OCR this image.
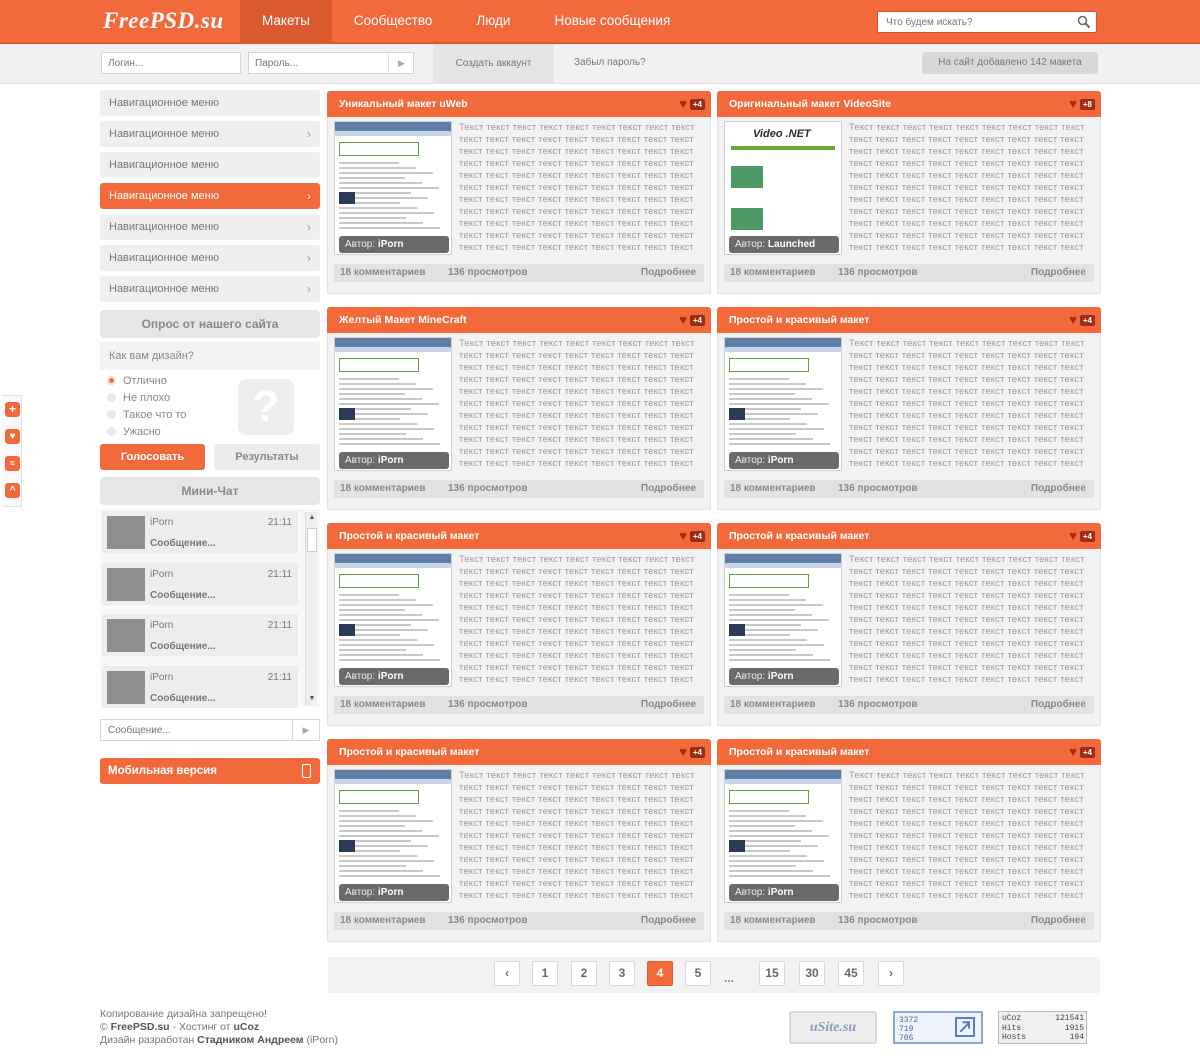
FreePSD.su	Макеты	Сообщество	Люди	Новые сообщения
Что будем искать?
Логин...
▶	Создать аккаунт	Забыл пароль?	На сайт добавлено 142 макета
+
♥
≈
^
Навигационное меню
Навигационное меню	›
Навигационное меню
Навигационное меню	›
Навигационное меню	›
Навигационное меню	›
Навигационное меню	›
Опрос от нашего сайта
Как вам дизайн?
Отлично
Не плохо
Такое что то
Ужасно
?
Голосовать	Результаты
Мини-Чат
iPorn	21:11
Сообщение...
iPorn	21:11
Сообщение...
iPorn	21:11
Сообщение...
iPorn	21:11
Сообщение...
▲
▼
Сообщение...
▶
Мобильная версия
Уникальный макет uWeb	♥ +4
Автор: iPorn
Текст текст текст текст текст текст текст текст текст текст текст текст текст текст текст текст текст текст текст текст текст текст текст текст текст текст текст текст текст текст текст текст текст текст текст текст текст текст текст текст текст текст текст текст текст текст текст текст текст текст текст текст текст текст текст текст текст текст текст текст текст текст текст текст текст текст текст текст текст текст текст текст текст текст текст текст текст текст текст текст текст текст текст текст текст текст текст текст текст текст текст текст текст текст текст текст текст текст текст
18 комментариев 136 просмотров	Подробнее
Оригинальный макет VideoSite	♥ +8
Video .NET
Автор: Launched
Текст текст текст текст текст текст текст текст текст текст текст текст текст текст текст текст текст текст текст текст текст текст текст текст текст текст текст текст текст текст текст текст текст текст текст текст текст текст текст текст текст текст текст текст текст текст текст текст текст текст текст текст текст текст текст текст текст текст текст текст текст текст текст текст текст текст текст текст текст текст текст текст текст текст текст текст текст текст текст текст текст текст текст текст текст текст текст текст текст текст текст текст текст текст текст текст текст текст текст
18 комментариев 136 просмотров	Подробнее
Желтый Макет MineCraft	♥ +4
Автор: iPorn
Текст текст текст текст текст текст текст текст текст текст текст текст текст текст текст текст текст текст текст текст текст текст текст текст текст текст текст текст текст текст текст текст текст текст текст текст текст текст текст текст текст текст текст текст текст текст текст текст текст текст текст текст текст текст текст текст текст текст текст текст текст текст текст текст текст текст текст текст текст текст текст текст текст текст текст текст текст текст текст текст текст текст текст текст текст текст текст текст текст текст текст текст текст текст текст текст текст текст текст
18 комментариев 136 просмотров	Подробнее
Простой и красивый макет	♥ +4
Автор: iPorn
Текст текст текст текст текст текст текст текст текст текст текст текст текст текст текст текст текст текст текст текст текст текст текст текст текст текст текст текст текст текст текст текст текст текст текст текст текст текст текст текст текст текст текст текст текст текст текст текст текст текст текст текст текст текст текст текст текст текст текст текст текст текст текст текст текст текст текст текст текст текст текст текст текст текст текст текст текст текст текст текст текст текст текст текст текст текст текст текст текст текст текст текст текст текст текст текст текст текст текст
18 комментариев 136 просмотров	Подробнее
Простой и красивый макет	♥ +4
Автор: iPorn
Текст текст текст текст текст текст текст текст текст текст текст текст текст текст текст текст текст текст текст текст текст текст текст текст текст текст текст текст текст текст текст текст текст текст текст текст текст текст текст текст текст текст текст текст текст текст текст текст текст текст текст текст текст текст текст текст текст текст текст текст текст текст текст текст текст текст текст текст текст текст текст текст текст текст текст текст текст текст текст текст текст текст текст текст текст текст текст текст текст текст текст текст текст текст текст текст текст текст текст
18 комментариев 136 просмотров	Подробнее
Простой и красивый макет	♥ +4
Автор: iPorn
Текст текст текст текст текст текст текст текст текст текст текст текст текст текст текст текст текст текст текст текст текст текст текст текст текст текст текст текст текст текст текст текст текст текст текст текст текст текст текст текст текст текст текст текст текст текст текст текст текст текст текст текст текст текст текст текст текст текст текст текст текст текст текст текст текст текст текст текст текст текст текст текст текст текст текст текст текст текст текст текст текст текст текст текст текст текст текст текст текст текст текст текст текст текст текст текст текст текст текст
18 комментариев 136 просмотров	Подробнее
Простой и красивый макет	♥ +4
Автор: iPorn
Текст текст текст текст текст текст текст текст текст текст текст текст текст текст текст текст текст текст текст текст текст текст текст текст текст текст текст текст текст текст текст текст текст текст текст текст текст текст текст текст текст текст текст текст текст текст текст текст текст текст текст текст текст текст текст текст текст текст текст текст текст текст текст текст текст текст текст текст текст текст текст текст текст текст текст текст текст текст текст текст текст текст текст текст текст текст текст текст текст текст текст текст текст текст текст текст текст текст текст
18 комментариев 136 просмотров	Подробнее
Простой и красивый макет	♥ +4
Автор: iPorn
Текст текст текст текст текст текст текст текст текст текст текст текст текст текст текст текст текст текст текст текст текст текст текст текст текст текст текст текст текст текст текст текст текст текст текст текст текст текст текст текст текст текст текст текст текст текст текст текст текст текст текст текст текст текст текст текст текст текст текст текст текст текст текст текст текст текст текст текст текст текст текст текст текст текст текст текст текст текст текст текст текст текст текст текст текст текст текст текст текст текст текст текст текст текст текст текст текст текст текст
18 комментариев 136 просмотров	Подробнее
‹	1	2	3	4	5	...	15	30	45	›
Копирование дизайна запрещено!
© FreePSD.su - Хостинг от uCoz
Дизайн разработан Стадником Андреем (iPorn)
uSite.su	3372
719
706
uCoz	121541
Hits	1915
Hosts	194
